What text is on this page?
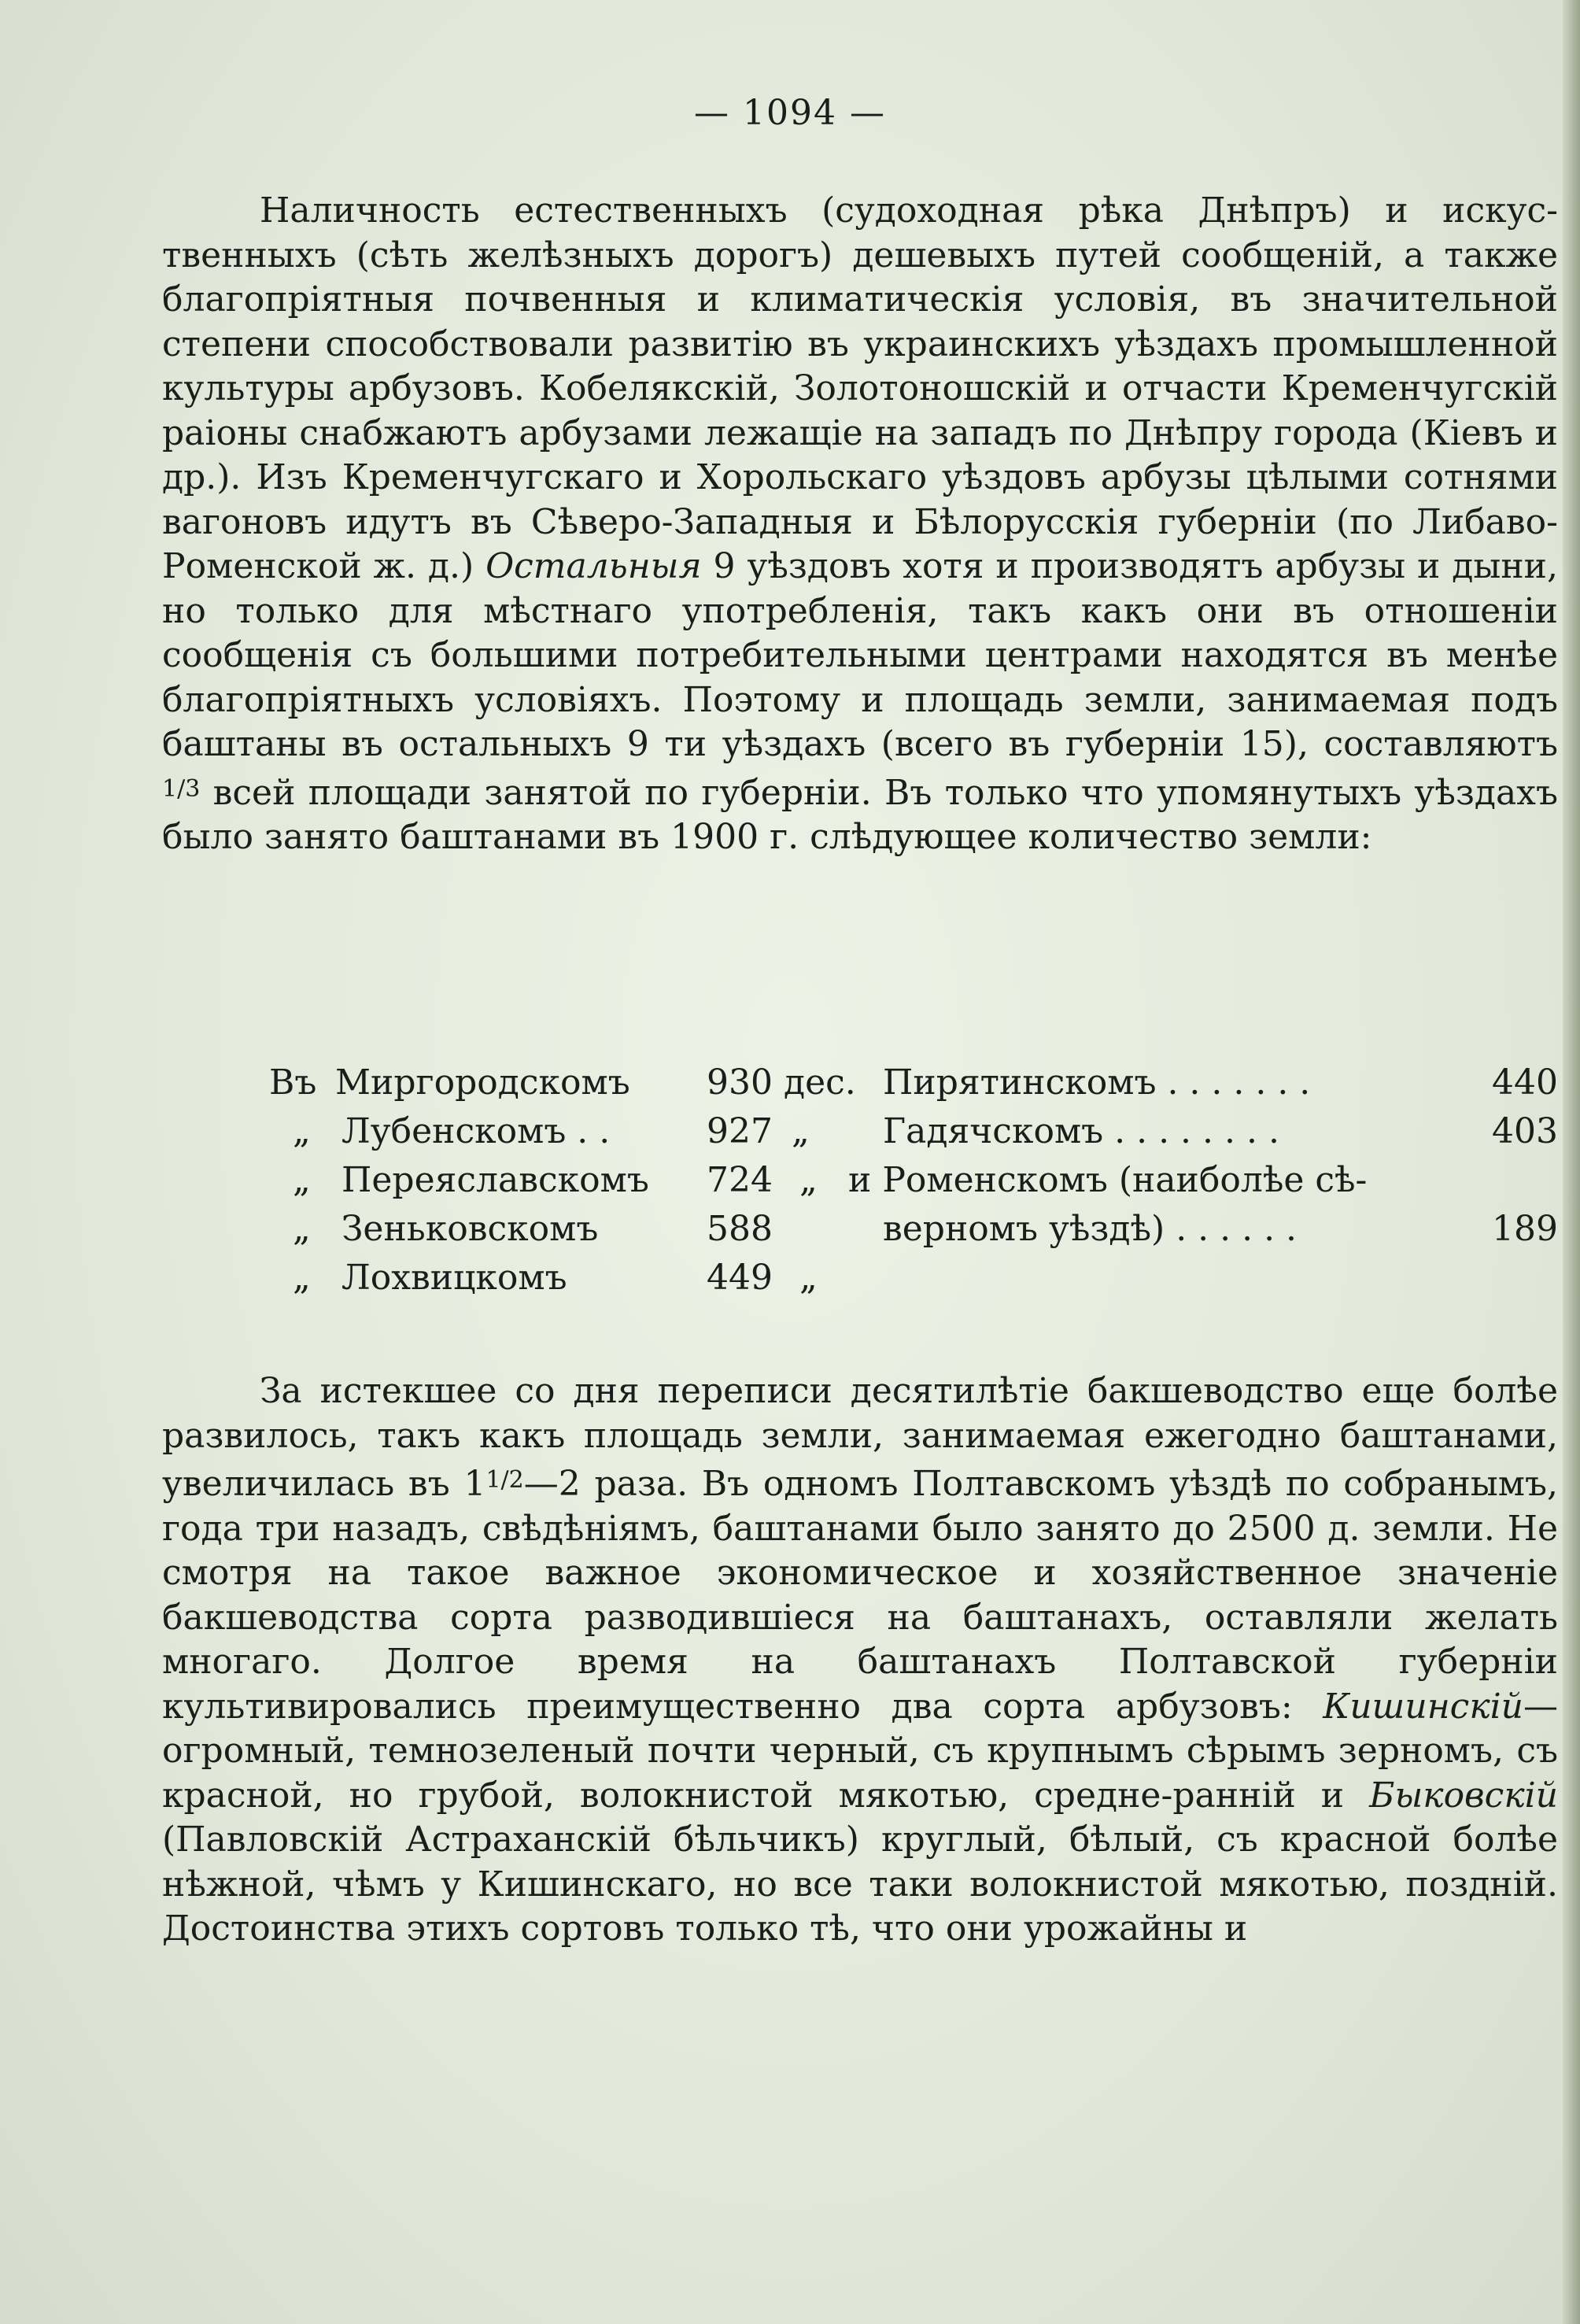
— 1094 —
Наличность естественныхъ (судоходная рѣка Днѣпръ) и искуственныхъ (сѣть желѣзныхъ дорогъ) дешевыхъ путей сообщеній, а также благопріятныя почвенныя и климатическія условія, въ значительной степени способствовали развитію въ украинскихъ уѣздахъ промышленной культуры арбузовъ. Кобелякскій, Золотоношскій и отчасти Кременчугскій раіоны снабжаютъ арбузами лежащіе на западъ по Днѣпру города (Кіевъ и др.). Изъ Кременчугскаго и Хорольскаго уѣздовъ арбузы цѣлыми сотнями вагоновъ идутъ въ Сѣверо-Западныя и Бѣлорусскія губерніи (по Либаво-Роменской ж. д.) Остальныя 9 уѣздовъ хотя и производятъ арбузы и дыни, но только для мѣстнаго употребленія, такъ какъ они въ отношеніи сообщенія съ большими потребительными центрами находятся въ менѣе благопріятныхъ условіяхъ. Поэтому и площадь земли, занимаемая подъ баштаны въ остальныхъ 9 ти уѣздахъ (всего въ губерніи 15), составляютъ $^{1/3}$ всей площади занятой по губерніи. Въ только что упомянутыхъ уѣздахъ было занято баштанами въ 1900 г. слѣдующее количество земли:
Въ Миргородскомъ 930 дес. Пирятинскомъ . . . . . . .	440
„ Лубенскомъ . .	927 „ Гадячскомъ . . . . . . . .	403
„ Переяславскомъ 724 „ и Роменскомъ (наиболѣе сѣ-
„ Зеньковскомъ	588	верномъ уѣздѣ) . . . . . .	189
„ Лохвицкомъ	449 „
За истекшее со дня переписи десятилѣтіе бакшеводство еще болѣе развилось, такъ какъ площадь земли, занимаемая ежегодно баштанами, увеличилась въ $1^{1/2}—2$ раза. Въ одномъ Полтавскомъ уѣздѣ по собранымъ, года три назадъ, свѣдѣніямъ, баштанами было занято до 2500 д. земли. Не смотря на такое важное экономическое и хозяйственное значеніе бакшеводства сорта разводившіеся на баштанахъ, оставляли желать многаго. Долгое время на баштанахъ Полтавской губерніи культивировались преимущественно два сорта арбузовъ: Кишинскій—огромный, темнозеленый почти черный, съ крупнымъ сѣрымъ зерномъ, съ красной, но грубой, волокнистой мякотью, средне-ранній и Быковскій (Павловскій Астраханскій бѣльчикъ) круглый, бѣлый, съ красной болѣе нѣжной, чѣмъ у Кишинскаго, но все таки волокнистой мякотью, поздній. Достоинства этихъ сортовъ только тѣ, что они урожайны и
